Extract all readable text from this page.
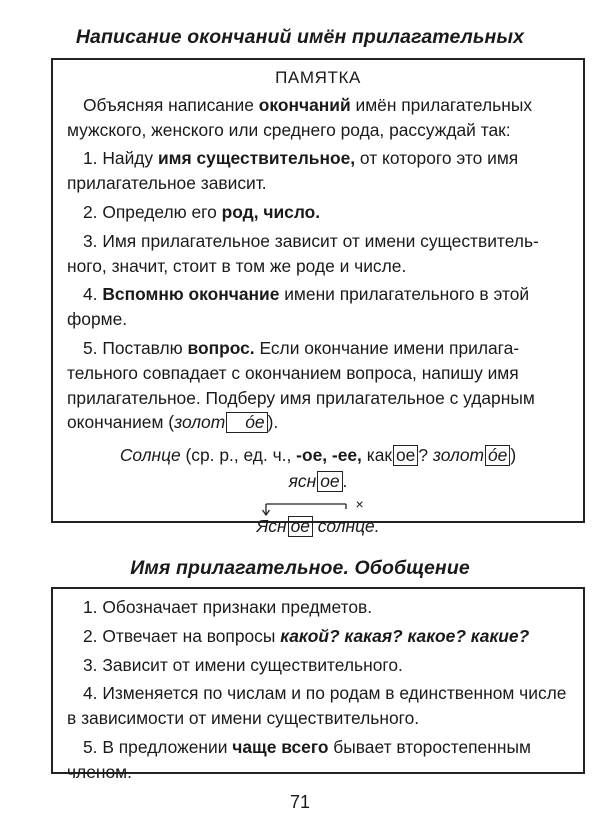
Написание окончаний имён прилагательных
ПАМЯТКА

Объясняя написание окончаний имён прилагательных мужского, женского или среднего рода, рассуждай так:

1. Найду имя существительное, от которого это имя прилагательное зависит.

2. Определю его род, число.

3. Имя прилагательное зависит от имени существительного, значит, стоит в том же роде и числе.

4. Вспомню окончание имени прилагательного в этой форме.

5. Поставлю вопрос. Если окончание имени прилагательного совпадает с окончанием вопроса, напишу имя прилагательное. Подберу имя прилагательное с ударным окончанием (золот óе ).

Солнце (ср. р., ед. ч., -ое, -ее, как ое ? золот óе )
ясн ое .
×
Ясн ое солнце.
Имя прилагательное. Обобщение

1. Обозначает признаки предметов.

2. Отвечает на вопросы какой? какая? какое? какие?

3. Зависит от имени существительного.

4. Изменяется по числам и по родам в единственном числе в зависимости от имени существительного.

5. В предложении чаще всего бывает второстепенным членом.

71
